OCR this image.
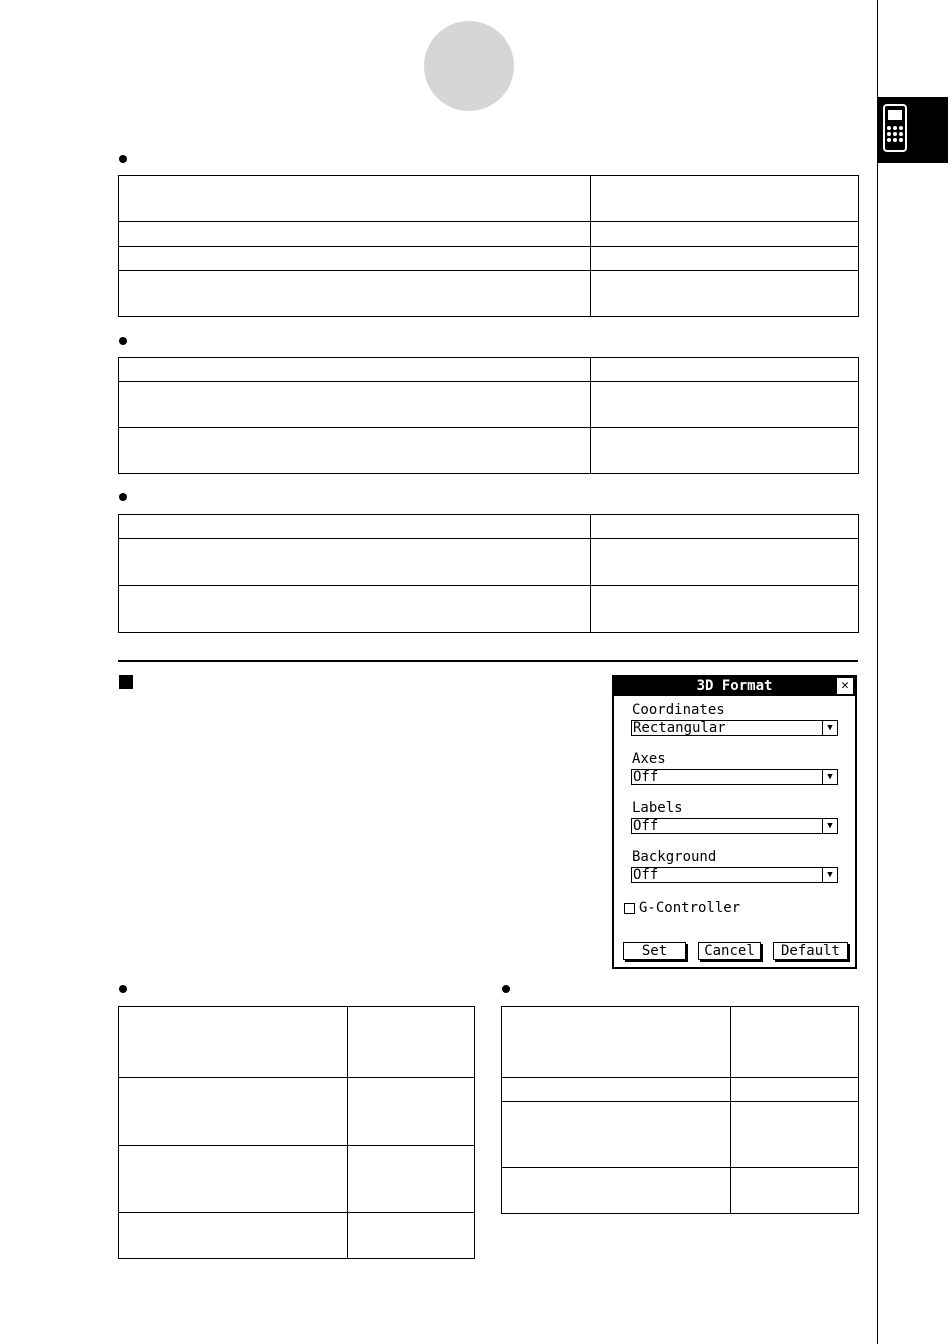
3D Format	✕
Coordinates
Rectangular	▼
Axes
Off	▼
Labels
Off	▼
Background
Off	▼
G-Controller
Set	Cancel	Default
